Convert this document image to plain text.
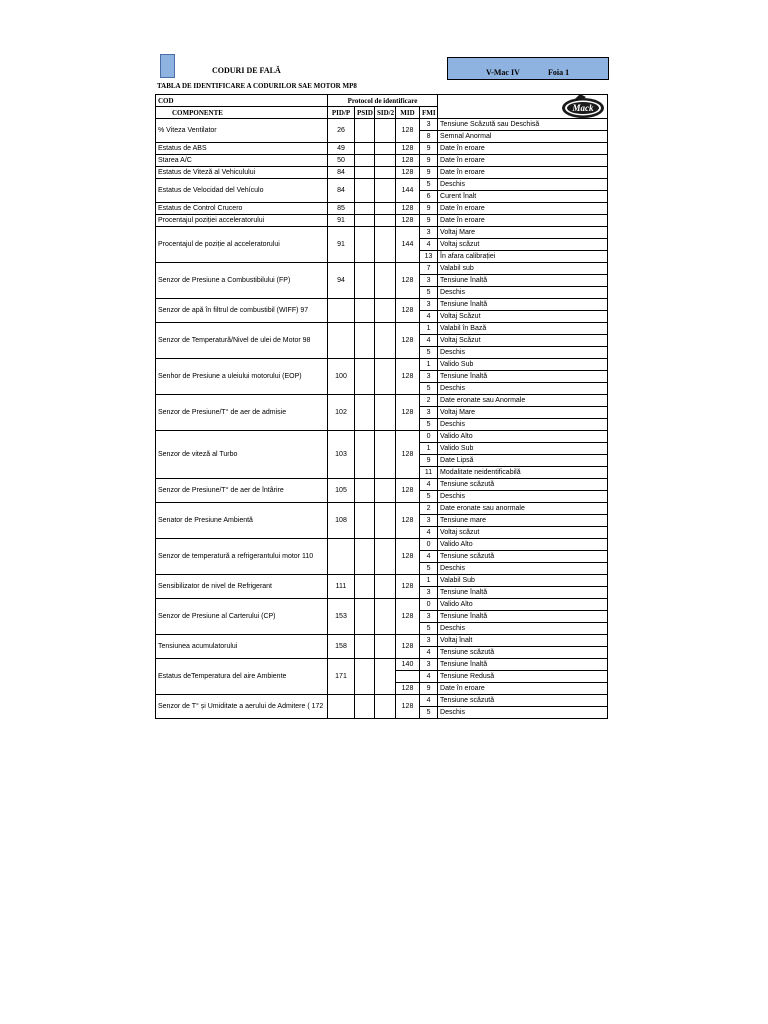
CODURI DE FALĂ	V-Mac IV	Foia 1
TABLA DE IDENTIFICARE A CODURILOR SAE MOTOR MP8
COD	Protocol de identificare					
COMPONENTE	PID/P	PSID	SID/2	MID	FMI	
% Viteza Ventilator	26			128	3	Tensiune Scăzută sau Deschisă
					8	Semnal Anormal
Estatus de ABS	49			128	9	Date în eroare
Starea A/C	50			128	9	Date în eroare
Estatus de Viteză al Vehiculului	84			128	9	Date în eroare
Estatus de Velocidad del Vehículo	84			144	5	Deschis
					6	Curent înalt
Estatus de Control Crucero	85			128	9	Date în eroare
Procentajul poziției acceleratorului	91			128	9	Date în eroare
Procentajul de poziție al acceleratorului	91			144	3	Voltaj Mare
					4	Voltaj scăzut
					13	În afara calibrației
Senzor de Presiune a Combustibilului (FP)	94			128	7	Valabil sub
					3	Tensiune înaltă
					5	Deschis
Senzor de apă în filtrul de combustibil (WIFF) 97				128	3	Tensiune înaltă
					4	Voltaj Scăzut
Senzor de Temperatură/Nivel de ulei de Motor 98				128	1	Valabil în Bază
					4	Voltaj Scăzut
					5	Deschis
Senhor de Presiune a uleiului motorului (EOP)	100			128	1	Valido Sub
					3	Tensiune înaltă
					5	Deschis
Senzor de Presiune/T° de aer de admisie	102			128	2	Date eronate sau Anormale
					3	Voltaj Mare
					5	Deschis
Senzor de viteză al Turbo	103			128	0	Valido Alto
					1	Valido Sub
					9	Date Lipsă
					11	Modalitate neidentificabilă
Senzor de Presiune/T° de aer de întârire	105			128	4	Tensiune scăzută
					5	Deschis
Senator de Presiune Ambientă	108			128	2	Date eronate sau anormale
					3	Tensiune mare
					4	Voltaj scăzut
Senzor de temperatură a refrigerantului motor 110				128	0	Valido Alto
					4	Tensiune scăzută
					5	Deschis
Sensibilizator de nivel de Refrigerant	111			128	1	Valabil Sub
					3	Tensiune înaltă
Senzor de Presiune al Carterului (CP)	153			128	0	Valido Alto
					3	Tensiune înaltă
					5	Deschis
Tensiunea acumulatorului	158			128	3	Voltaj înalt
					4	Tensiune scăzută
Estatus deTemperatura del aire Ambiente	171			140	3	Tensiune înaltă
					4	Tensiune Redusă
				128	9	Date în eroare
Senzor de T° și Umiditate a aerului de Admitere ( 172				128	4	Tensiune scăzută
					5	Deschis
Mack
